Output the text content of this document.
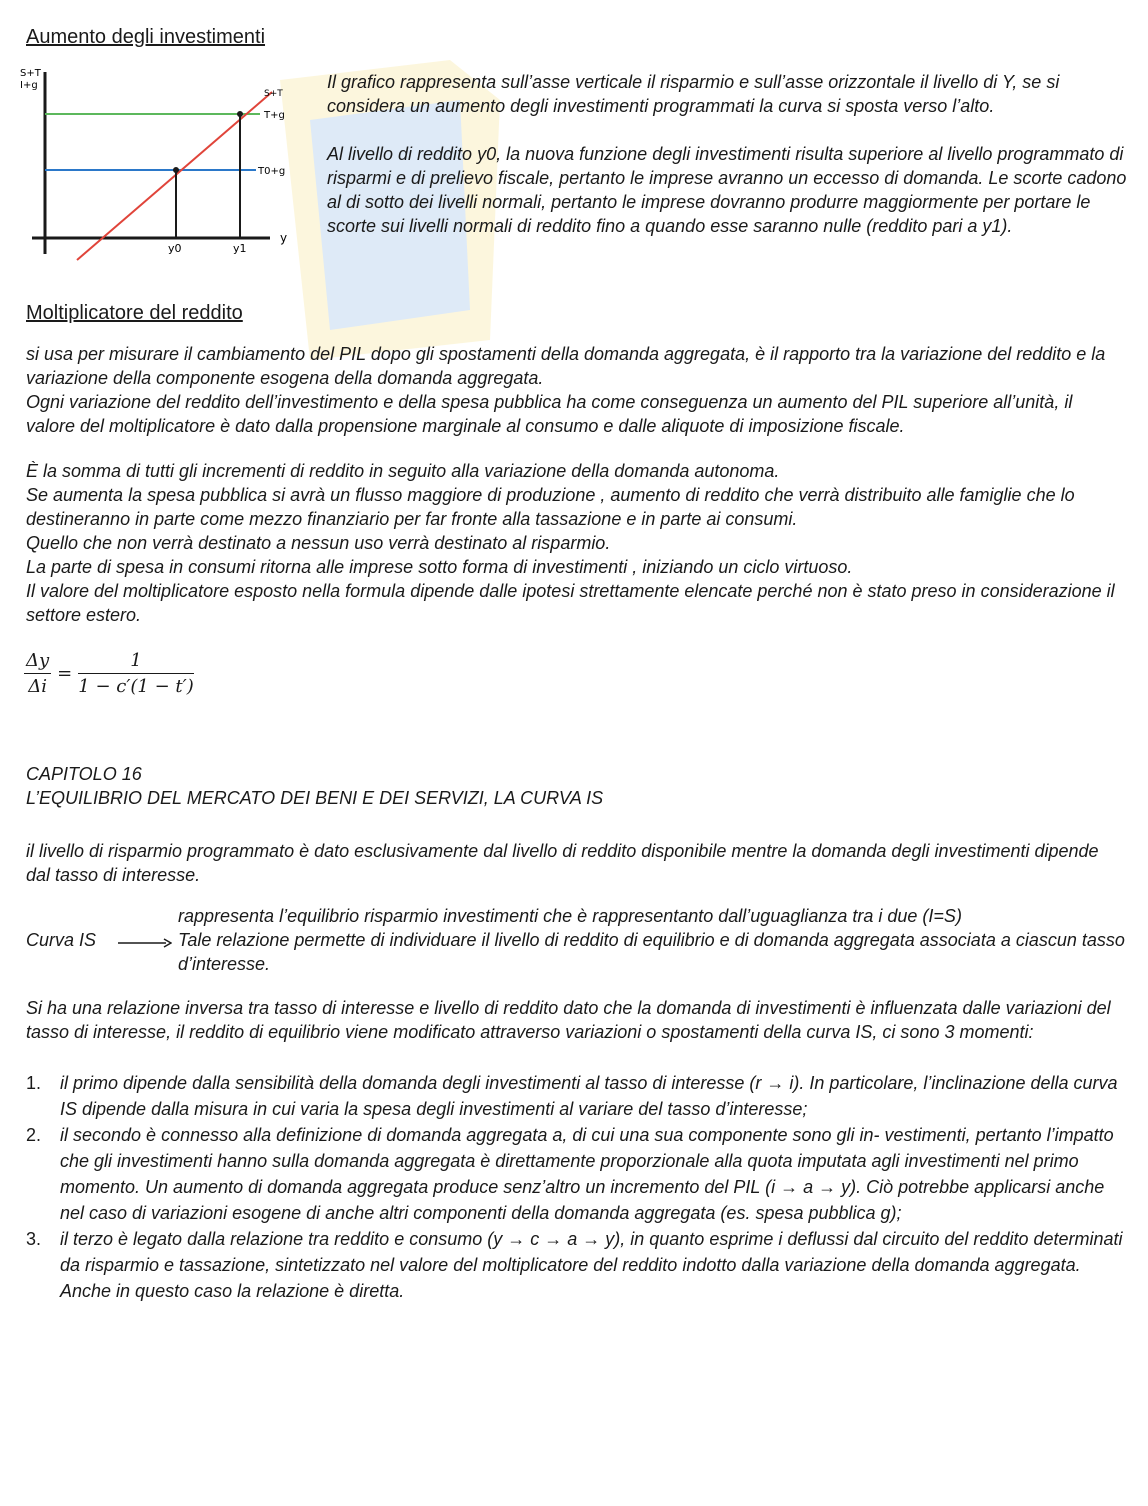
Aumento degli investimenti
S+T
I+g
S+T
T+g
T0+g
y
y0	y1
Il grafico rappresenta sull’asse verticale il risparmio e sull’asse orizzontale il livello di Y, se si considera un aumento degli investimenti programmati la curva si sposta verso l’alto.
Al livello di reddito y0, la nuova funzione degli investimenti risulta superiore al livello programmato di risparmi e di prelievo fiscale, pertanto le imprese avranno un eccesso di domanda. Le scorte cadono al di sotto dei livelli normali, pertanto le imprese dovranno produrre maggiormente per portare le scorte sui livelli normali di reddito fino a quando esse saranno nulle (reddito pari a y1).
Moltiplicatore del reddito
si usa per misurare il cambiamento del PIL dopo gli spostamenti della domanda aggregata, è il rapporto tra la variazione del reddito e la variazione della componente esogena della domanda aggregata.
Ogni variazione del reddito dell’investimento e della spesa pubblica ha come conseguenza un aumento del PIL superiore all’unità, il valore del moltiplicatore è dato dalla propensione marginale al consumo e dalle aliquote di imposizione fiscale.
È la somma di tutti gli incrementi di reddito in seguito alla variazione della domanda autonoma.
Se aumenta la spesa pubblica si avrà un flusso maggiore di produzione , aumento di reddito che verrà distribuito alle famiglie che lo destineranno in parte come mezzo finanziario per far fronte alla tassazione e in parte ai consumi.
Quello che non verrà destinato a nessun uso verrà destinato al risparmio.
La parte di spesa in consumi ritorna alle imprese sotto forma di investimenti , iniziando un ciclo virtuoso.
Il valore del moltiplicatore esposto nella formula dipende dalle ipotesi strettamente elencate perché non è stato preso in considerazione il settore estero.
$\frac{\Delta y}{\Delta i} = \frac{1}{1 - c'(1 - t')}$
CAPITOLO 16
L’EQUILIBRIO DEL MERCATO DEI BENI E DEI SERVIZI, LA CURVA IS
il livello di risparmio programmato è dato esclusivamente dal livello di reddito disponibile mentre la domanda degli investimenti dipende dal tasso di interesse.
Curva IS
rappresenta l’equilibrio risparmio investimenti che è rappresentanto dall’uguaglianza tra i due (I=S)
Tale relazione permette di individuare il livello di reddito di equilibrio e di domanda aggregata associata a ciascun tasso d’interesse.
Si ha una relazione inversa tra tasso di interesse e livello di reddito dato che la domanda di investimenti è influenzata dalle variazioni del tasso di interesse, il reddito di equilibrio viene modificato attraverso variazioni o spostamenti della curva IS, ci sono 3 momenti:
1.	il primo dipende dalla sensibilità della domanda degli investimenti al tasso di interesse (r → i). In particolare, l’inclinazione della curva IS dipende dalla misura in cui varia la spesa degli investimenti al variare del tasso d’interesse;
2.	il secondo è connesso alla definizione di domanda aggregata a, di cui una sua componente sono gli in- vestimenti, pertanto l’impatto che gli investimenti hanno sulla domanda aggregata è direttamente proporzionale alla quota imputata agli investimenti nel primo momento. Un aumento di domanda aggregata produce senz’altro un incremento del PIL (i → a → y). Ciò potrebbe applicarsi anche nel caso di variazioni esogene di anche altri componenti della domanda aggregata (es. spesa pubblica g);
3.	il terzo è legato dalla relazione tra reddito e consumo (y → c → a → y), in quanto esprime i deflussi dal circuito del reddito determinati da risparmio e tassazione, sintetizzato nel valore del moltiplicatore del reddito indotto dalla variazione della domanda aggregata. Anche in questo caso la relazione è diretta.
